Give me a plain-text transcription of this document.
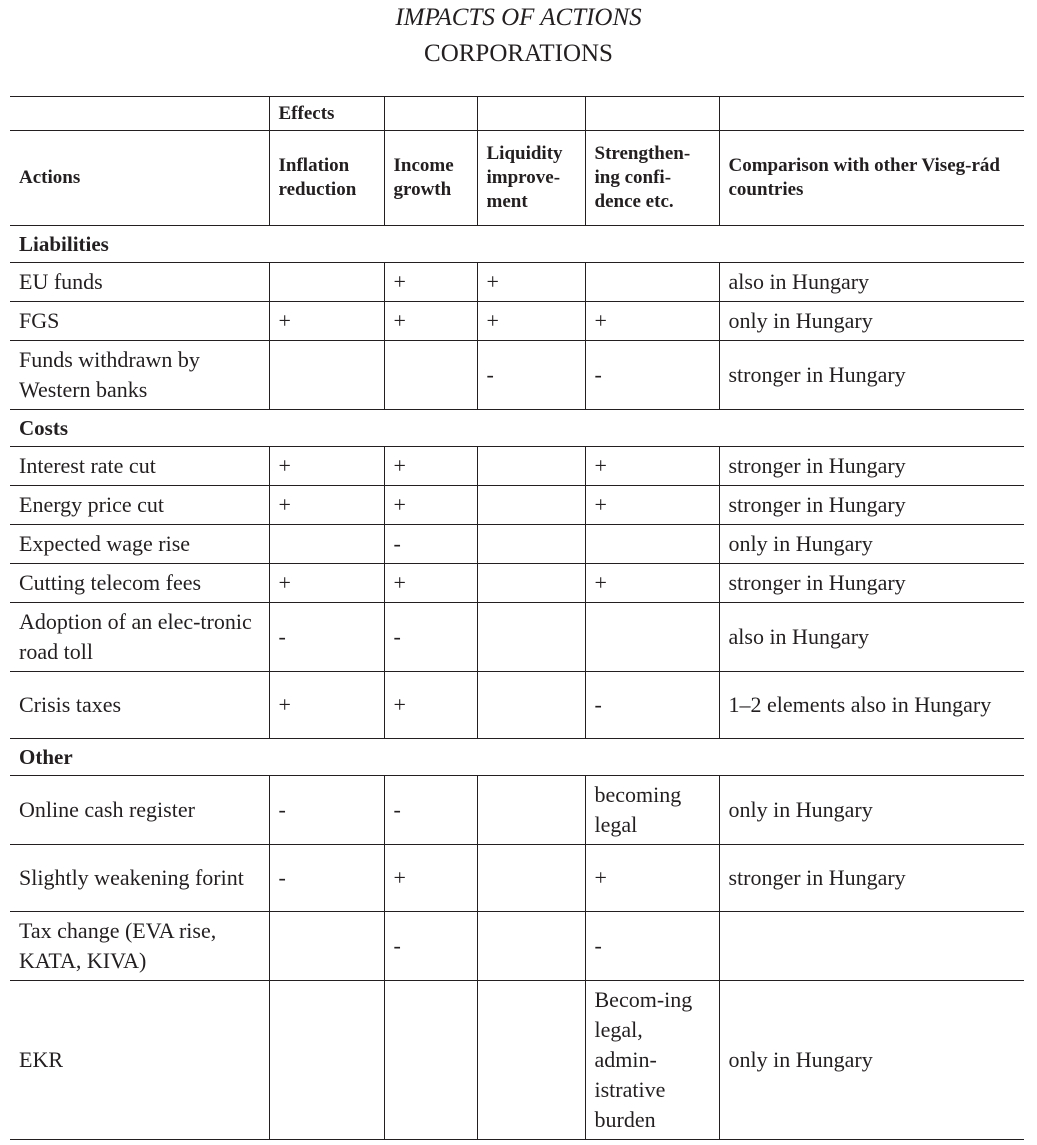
IMPACTS OF ACTIONS
CORPORATIONS
	Effects				
Actions	Inflation reduction	Income growth	Liquidity improve-ment	Strengthen-ing confi-dence etc.	Comparison with other Viseg-rád countries
Liabilities					
EU funds		+	+		also in Hungary
FGS	+	+	+	+	only in Hungary
Funds withdrawn by Western banks			-	-	stronger in Hungary
Costs					
Interest rate cut	+	+		+	stronger in Hungary
Energy price cut	+	+		+	stronger in Hungary
Expected wage rise		-			only in Hungary
Cutting telecom fees	+	+		+	stronger in Hungary
Adoption of an elec-tronic road toll	-	-			also in Hungary
Crisis taxes	+	+		-	1–2 elements also in Hungary
Other					
Online cash register	-	-		becoming legal	only in Hungary
Slightly weakening forint	-	+		+	stronger in Hungary
Tax change (EVA rise, KATA, KIVA)		-		-	
EKR				Becom-ing legal, admin-istrative burden	only in Hungary
